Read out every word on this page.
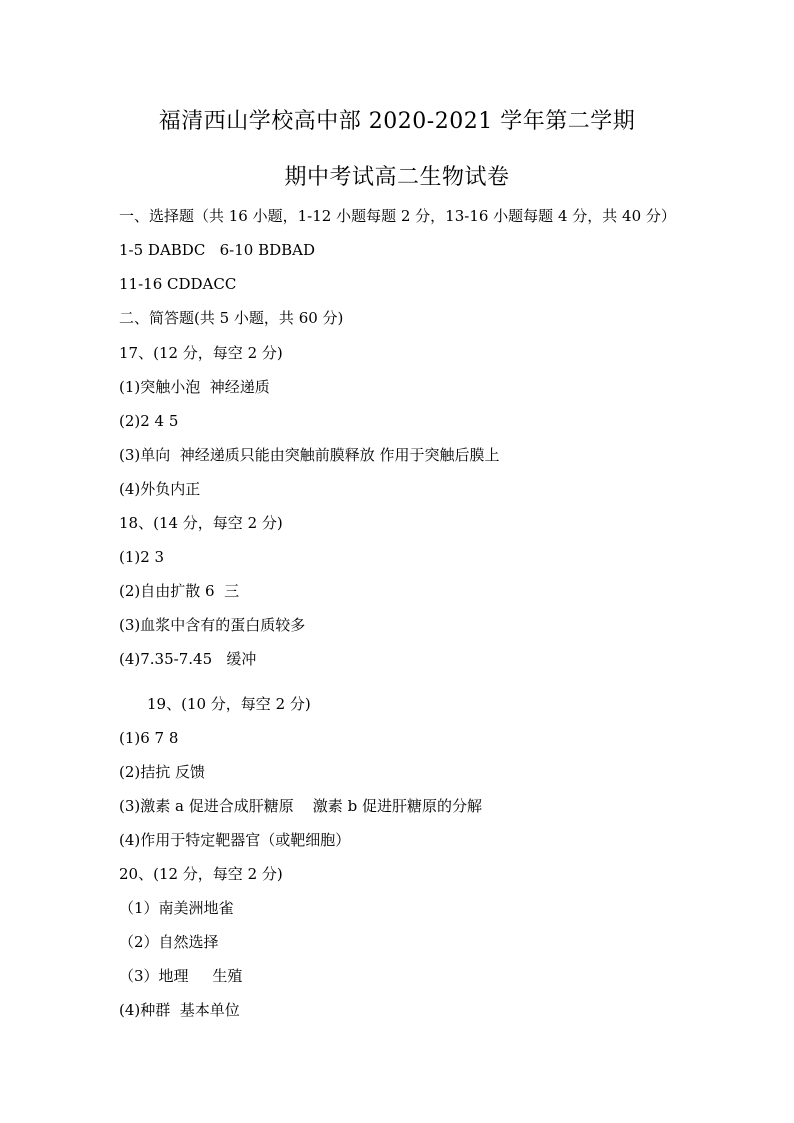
福清西山学校高中部 2020-2021 学年第二学期
期中考试高二生物试卷
一、选择题（共 16 小题，1-12 小题每题 2 分，13-16 小题每题 4 分，共 40 分）
1-5 DABDC   6-10 BDBAD
11-16 CDDACC
二、简答题(共 5 小题，共 60 分)
17、(12 分，每空 2 分)
(1)突触小泡  神经递质
(2)2 4 5
(3)单向  神经递质只能由突触前膜释放 作用于突触后膜上
(4)外负内正
18、(14 分，每空 2 分)
(1)2 3
(2)自由扩散 6  三
(3)血浆中含有的蛋白质较多
(4)7.35-7.45   缓冲
19、(10 分，每空 2 分)
(1)6 7 8
(2)拮抗 反馈
(3)激素 a 促进合成肝糖原    激素 b 促进肝糖原的分解
(4)作用于特定靶器官（或靶细胞）
20、(12 分，每空 2 分)
（1）南美洲地雀
（2）自然选择
（3）地理     生殖
(4)种群  基本单位
